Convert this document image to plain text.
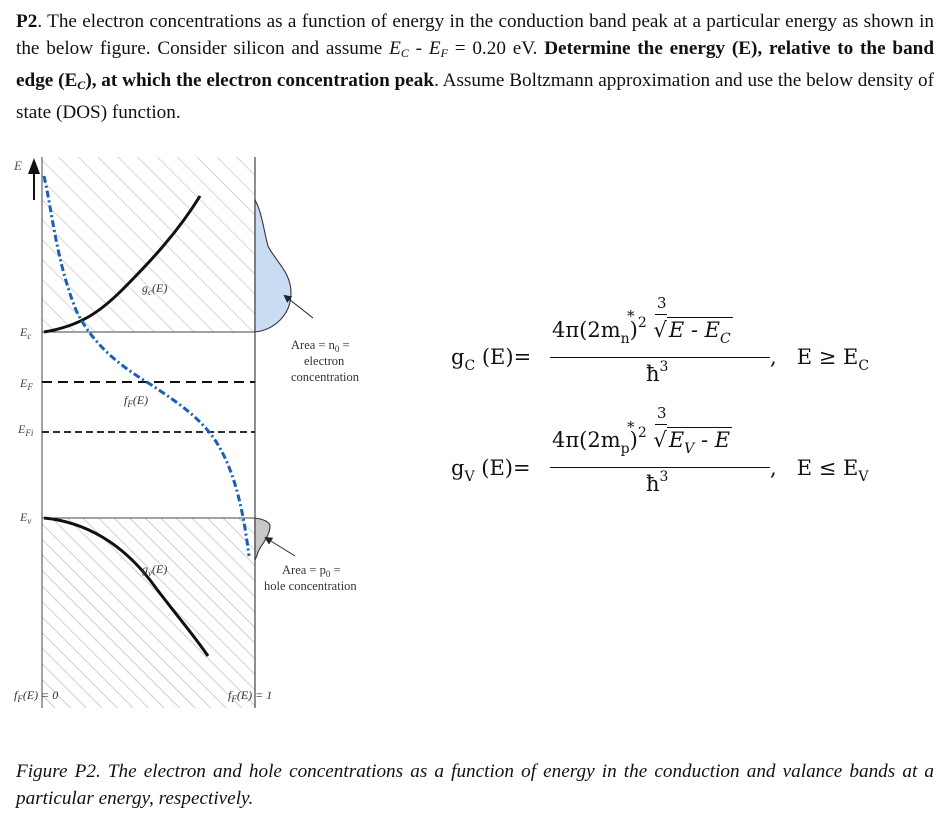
P2. The electron concentrations as a function of energy in the conduction band peak at a particular energy as shown in the below figure. Consider silicon and assume $E_C - E_F = 0.20$ eV. Determine the energy (E), relative to the band edge $(E_C)$, at which the electron concentration peak. Assume Boltzmann approximation and use the below density of state (DOS) function.
E
$E_c$
$E_v$
$E_F$
$E_{Fi}$
$g_c(E)$
$g_v(E)$
$f_F(E)$
Area = $n_0$ = electron concentration
Area = $p_0$ = hole concentration
$f_F(E) = 0$	$f_F(E) = 1$
$g_C$ (E)=
$4\pi(2m_n)^2$ $√E - E_C$
*
3
$ħ^3$	, $E \ge E_C$
$g_V$ (E)=
$4\pi(2m_p)^2$ $√E_V$ - E
*
3
$ħ^3$	, $E \le E_V$
Figure P2. The electron and hole concentrations as a function of energy in the conduction and valance bands at a particular energy, respectively.
